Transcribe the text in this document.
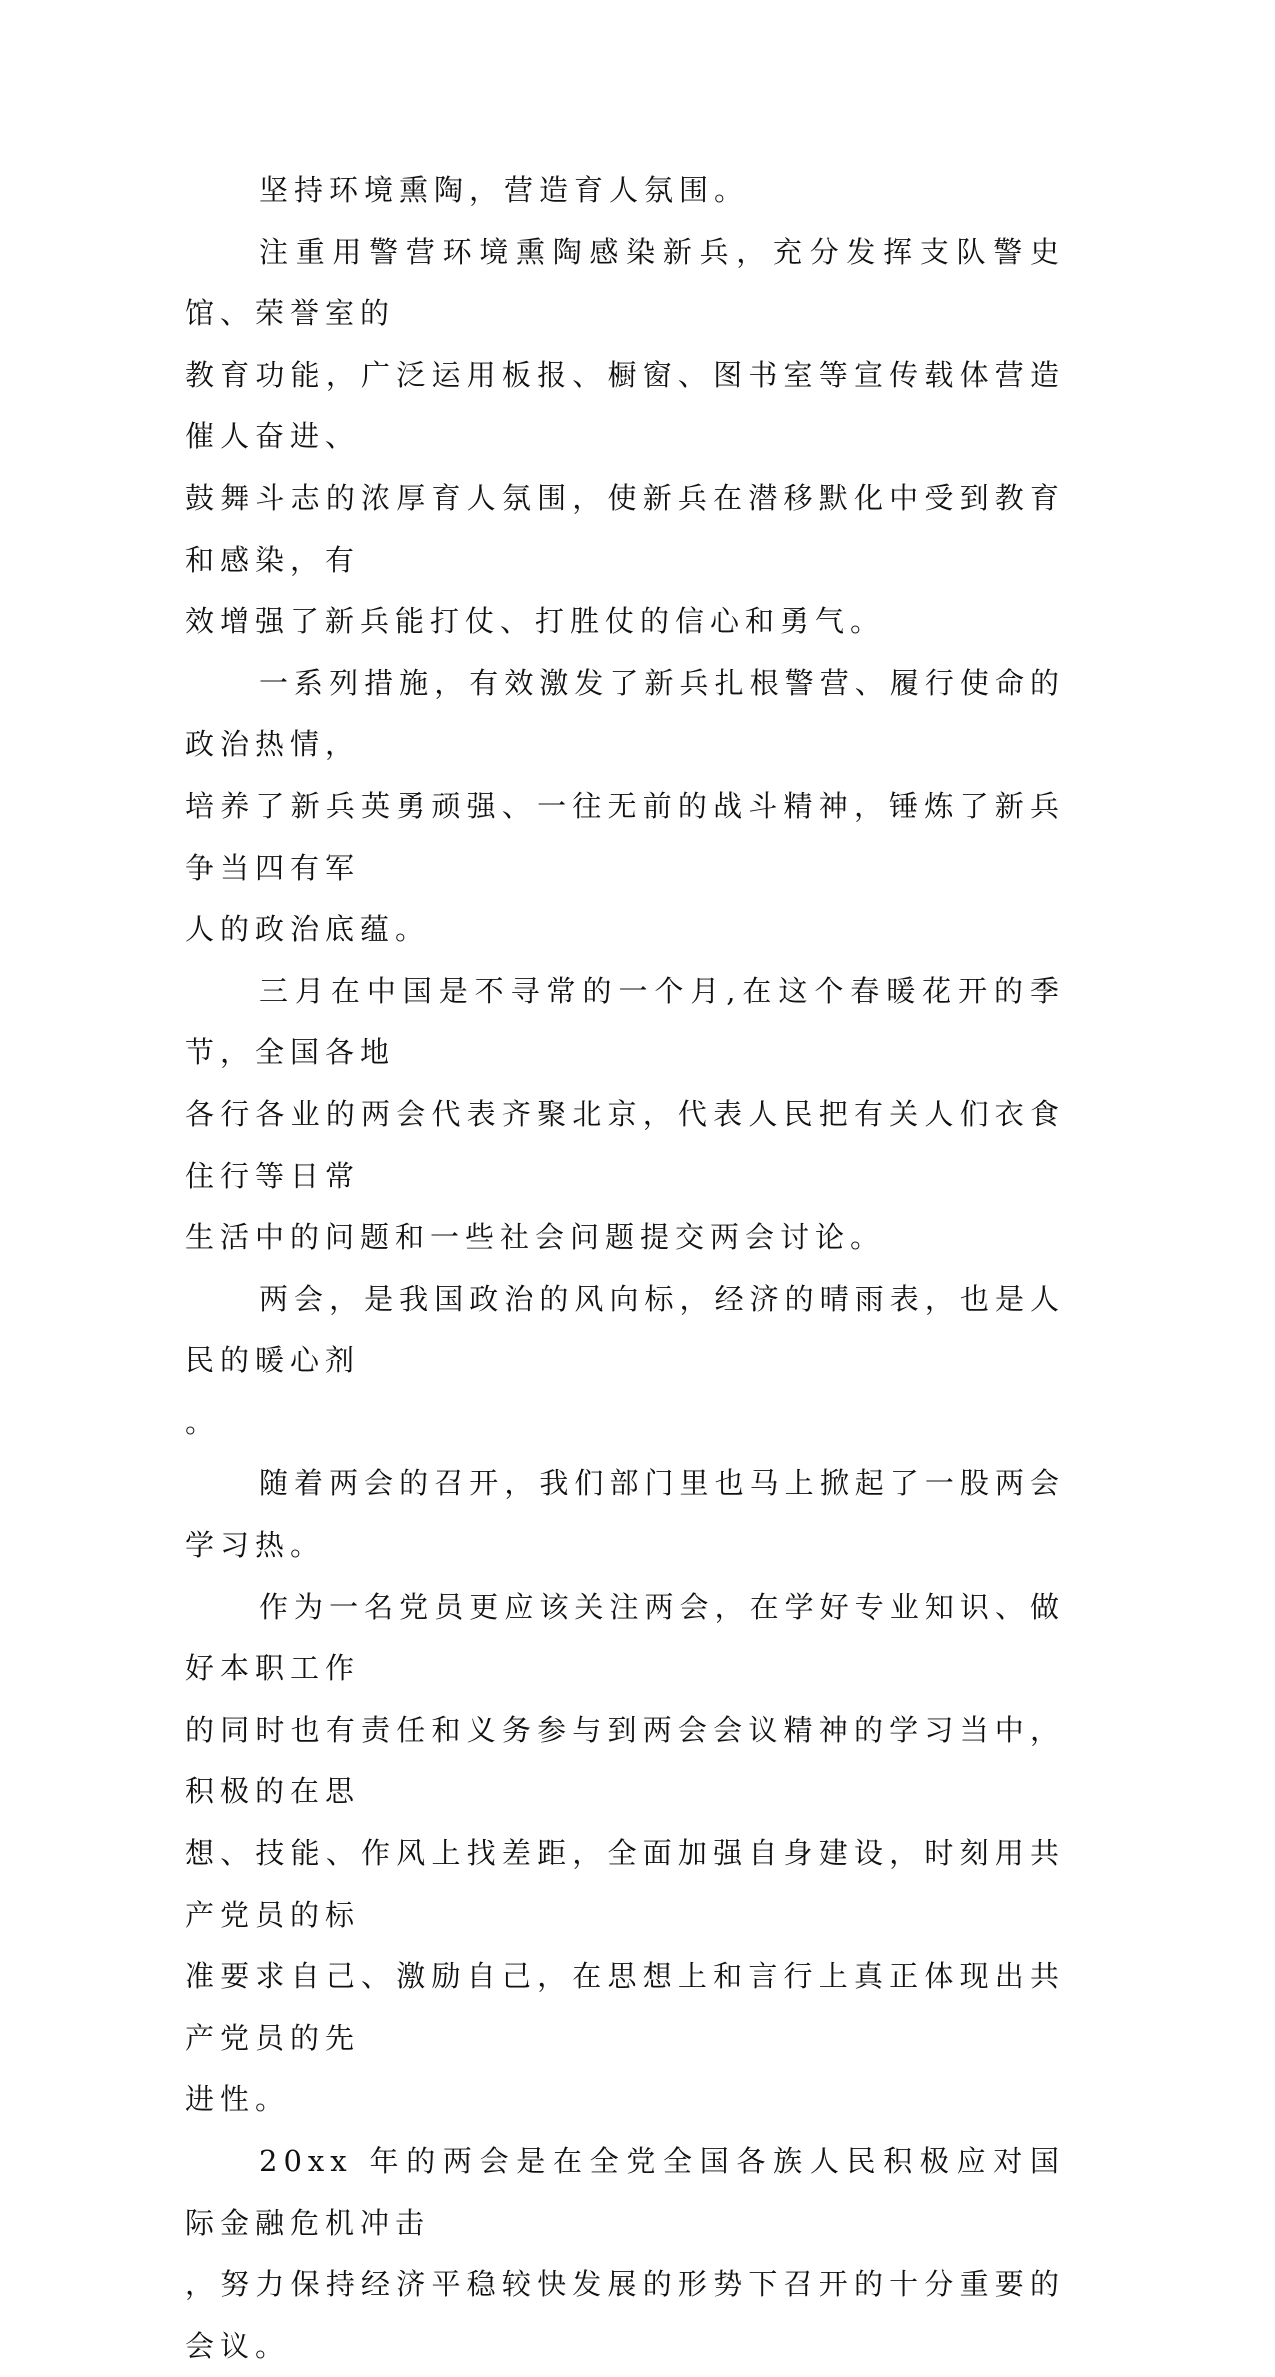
坚持环境熏陶，营造育人氛围。

注重用警营环境熏陶感染新兵，充分发挥支队警史馆、荣誉室的
教育功能，广泛运用板报、橱窗、图书室等宣传载体营造催人奋进、
鼓舞斗志的浓厚育人氛围，使新兵在潜移默化中受到教育和感染，有
效增强了新兵能打仗、打胜仗的信心和勇气。

一系列措施，有效激发了新兵扎根警营、履行使命的政治热情，
培养了新兵英勇顽强、一往无前的战斗精神，锤炼了新兵争当四有军
人的政治底蕴。

三月在中国是不寻常的一个月,在这个春暖花开的季节，全国各地
各行各业的两会代表齐聚北京，代表人民把有关人们衣食住行等日常
生活中的问题和一些社会问题提交两会讨论。

两会，是我国政治的风向标，经济的晴雨表，也是人民的暖心剂
。

随着两会的召开，我们部门里也马上掀起了一股两会学习热。

作为一名党员更应该关注两会，在学好专业知识、做好本职工作
的同时也有责任和义务参与到两会会议精神的学习当中，积极的在思
想、技能、作风上找差距，全面加强自身建设，时刻用共产党员的标
准要求自己、激励自己，在思想上和言行上真正体现出共产党员的先
进性。

20xx 年的两会是在全党全国各族人民积极应对国际金融危机冲击
，努力保持经济平稳较快发展的形势下召开的十分重要的会议。
